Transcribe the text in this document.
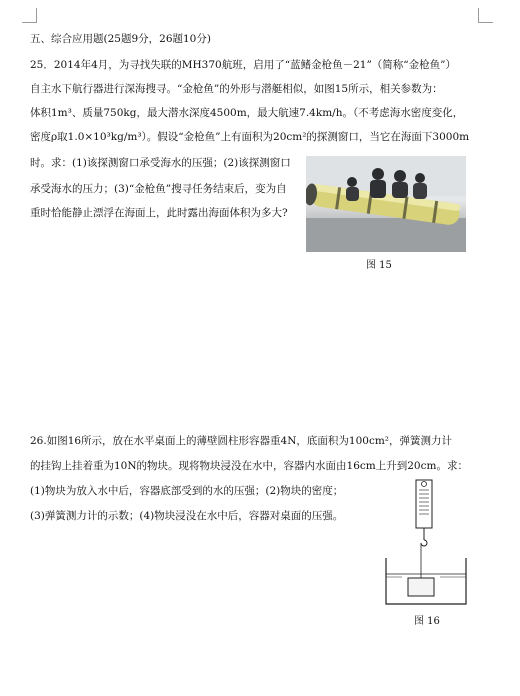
五、综合应用题(25题9分，26题10分)
25．2014年4月，为寻找失联的MH370航班，启用了“蓝鳍金枪鱼－21”（简称“金枪鱼”）
自主水下航行器进行深海搜寻。“金枪鱼”的外形与潜艇相似，如图15所示，相关参数为：
体积1m³、质量750kg，最大潜水深度4500m，最大航速7.4km/h。（不考虑海水密度变化，
密度ρ取1.0×10³kg/m³）。假设“金枪鱼”上有面积为20cm²的探测窗口，当它在海面下3000m
时。求：(1)该探测窗口承受海水的压强；(2)该探测窗口
承受海水的压力；(3)“金枪鱼”搜寻任务结束后，变为自
重时恰能静止漂浮在海面上，此时露出海面体积为多大?
图 15
26.如图16所示，放在水平桌面上的薄壁圆柱形容器重4N，底面积为100cm²，弹簧测力计
的挂钩上挂着重为10N的物块。现将物块浸没在水中，容器内水面由16cm上升到20cm。求：
(1)物块为放入水中后，容器底部受到的水的压强；(2)物块的密度；
(3)弹簧测力计的示数；(4)物块浸没在水中后，容器对桌面的压强。
图 16
